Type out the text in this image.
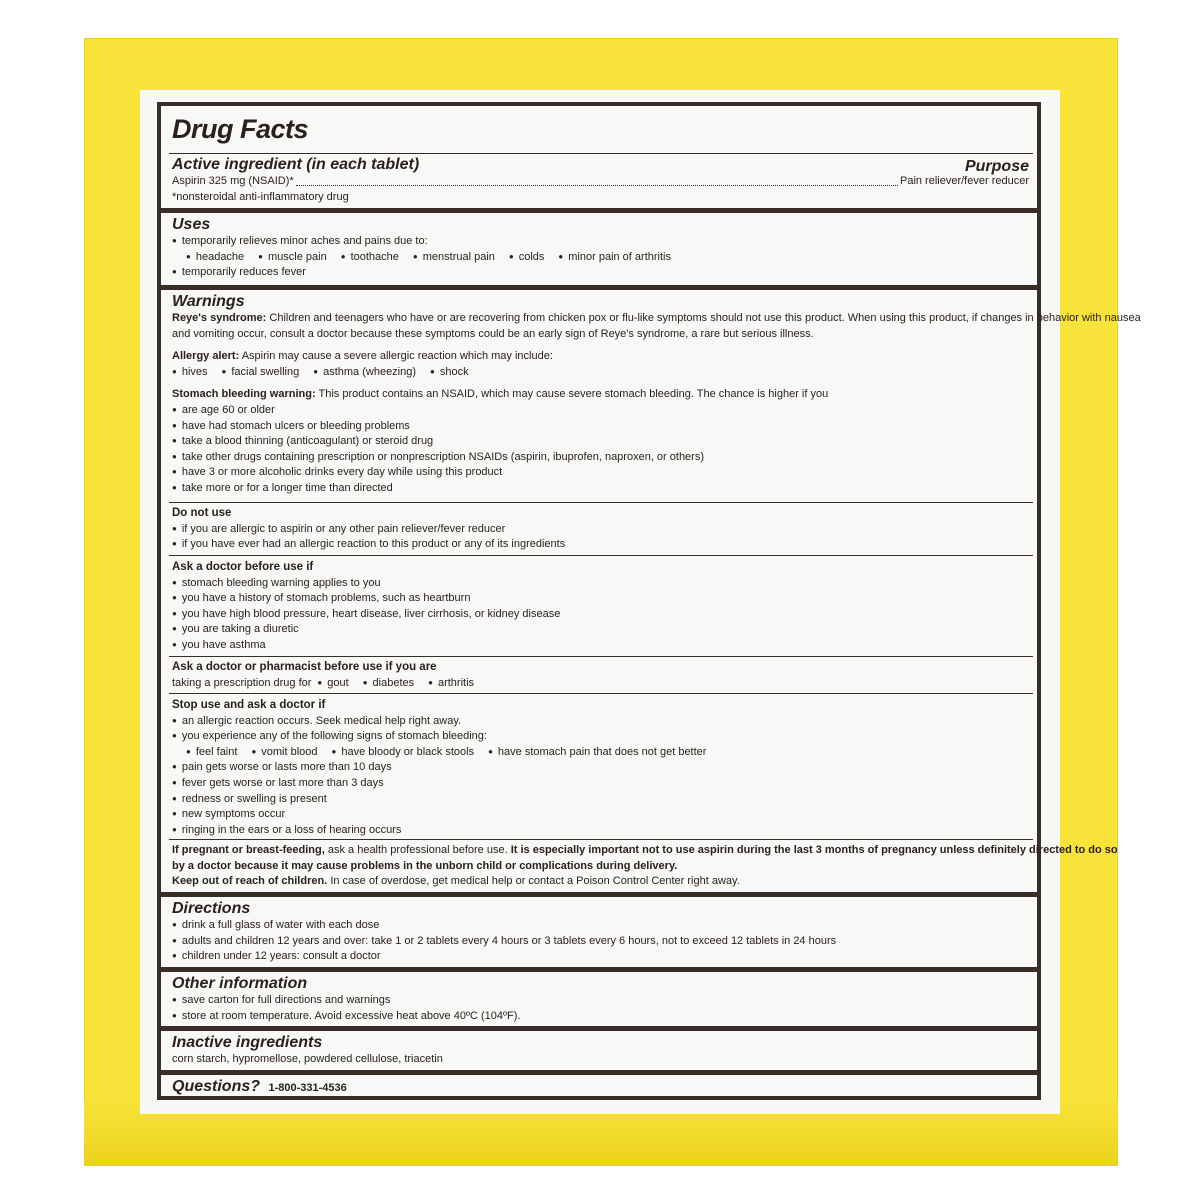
Drug Facts
Active ingredient (in each tablet)	Purpose
Aspirin 325 mg (NSAID)*	Pain reliever/fever reducer
*nonsteroidal anti-inflammatory drug
Uses
● temporarily relieves minor aches and pains due to:
● headache ● muscle pain ● toothache ● menstrual pain ● colds ● minor pain of arthritis
● temporarily reduces fever
Warnings
Reye's syndrome: Children and teenagers who have or are recovering from chicken pox or flu-like symptoms should not use this product. When using this product, if changes in behavior with nausea
and vomiting occur, consult a doctor because these symptoms could be an early sign of Reye's syndrome, a rare but serious illness.
Allergy alert: Aspirin may cause a severe allergic reaction which may include:
● hives ● facial swelling ● asthma (wheezing) ● shock
Stomach bleeding warning: This product contains an NSAID, which may cause severe stomach bleeding. The chance is higher if you
● are age 60 or older
● have had stomach ulcers or bleeding problems
● take a blood thinning (anticoagulant) or steroid drug
● take other drugs containing prescription or nonprescription NSAIDs (aspirin, ibuprofen, naproxen, or others)
● have 3 or more alcoholic drinks every day while using this product
● take more or for a longer time than directed
Do not use
● if you are allergic to aspirin or any other pain reliever/fever reducer
● if you have ever had an allergic reaction to this product or any of its ingredients
Ask a doctor before use if
● stomach bleeding warning applies to you
● you have a history of stomach problems, such as heartburn
● you have high blood pressure, heart disease, liver cirrhosis, or kidney disease
● you are taking a diuretic
● you have asthma
Ask a doctor or pharmacist before use if you are
taking a prescription drug for ● gout ● diabetes ● arthritis
Stop use and ask a doctor if
● an allergic reaction occurs. Seek medical help right away.
● you experience any of the following signs of stomach bleeding:
● feel faint ● vomit blood ● have bloody or black stools ● have stomach pain that does not get better
● pain gets worse or lasts more than 10 days
● fever gets worse or last more than 3 days
● redness or swelling is present
● new symptoms occur
● ringing in the ears or a loss of hearing occurs
If pregnant or breast-feeding, ask a health professional before use. It is especially important not to use aspirin during the last 3 months of pregnancy unless definitely directed to do so
by a doctor because it may cause problems in the unborn child or complications during delivery.
Keep out of reach of children. In case of overdose, get medical help or contact a Poison Control Center right away.
Directions
● drink a full glass of water with each dose
● adults and children 12 years and over: take 1 or 2 tablets every 4 hours or 3 tablets every 6 hours, not to exceed 12 tablets in 24 hours
● children under 12 years: consult a doctor
Other information
● save carton for full directions and warnings
● store at room temperature. Avoid excessive heat above 40ºC (104ºF).
Inactive ingredients
corn starch, hypromellose, powdered cellulose, triacetin
Questions? 1-800-331-4536
